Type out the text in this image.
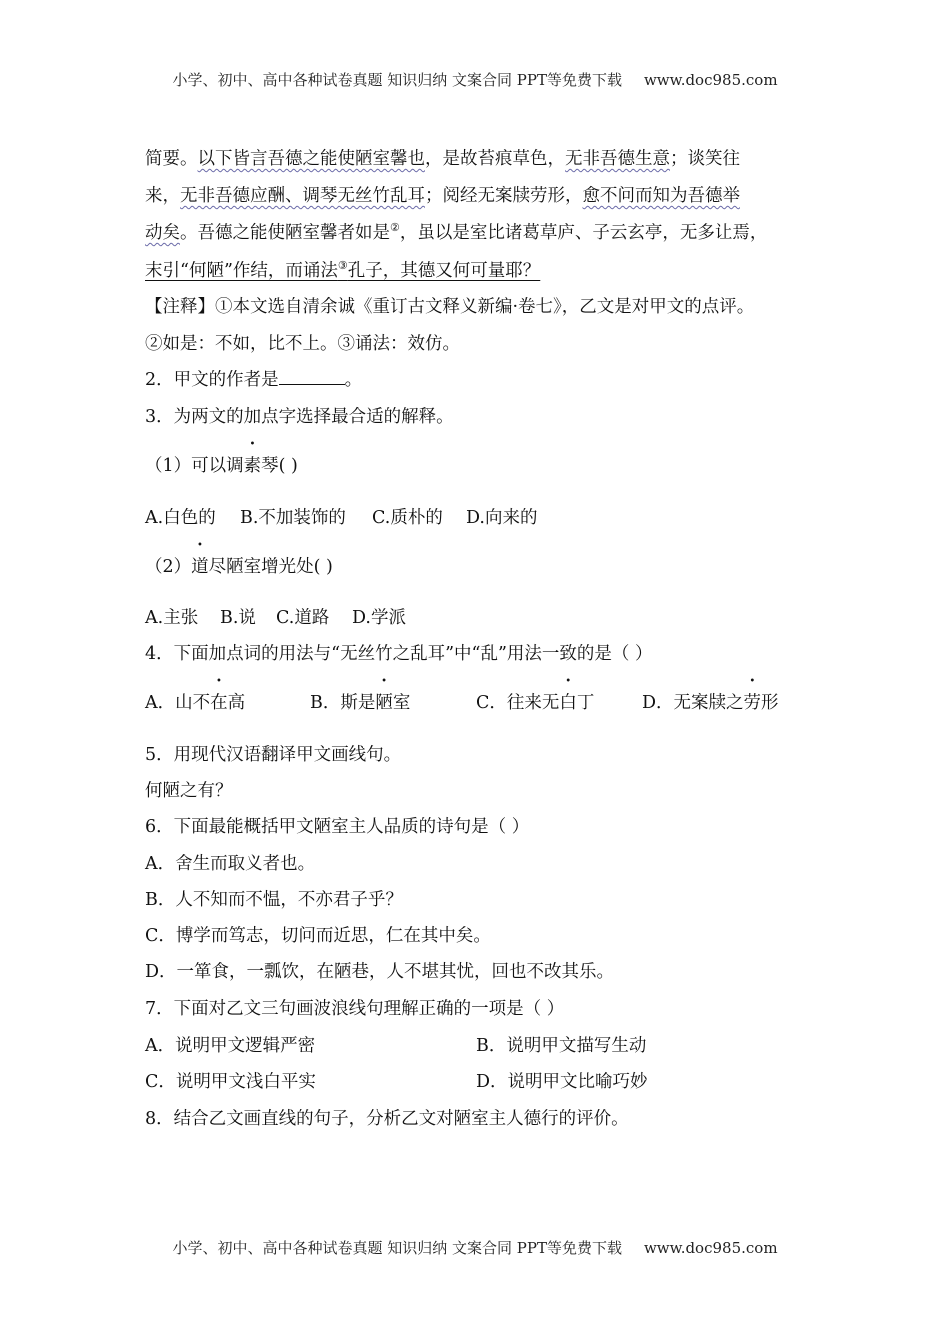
小学、初中、高中各种试卷真题 知识归纳 文案合同 PPT等免费下载 www.doc985.com
简要。以下皆言吾德之能使陋室馨也，是故苔痕草色，无非吾德生意；谈笑往
来，无非吾德应酬、调琴无丝竹乱耳；阅经无案牍劳形，愈不问而知为吾德举
动矣。吾德之能使陋室馨者如是②，虽以是室比诸葛草庐、子云玄亭，无多让焉，
末引“何陋”作结，而诵法③孔子，其德又何可量耶？
【注释】①本文选自清余诚《重订古文释义新编·卷七》，乙文是对甲文的点评。
②如是：不如，比不上。③诵法：效仿。
2．甲文的作者是	。
3．为两文的加点字选择最合适的解释。
（1）可以调素琴( )
A.白色的 B.不加装饰的 C.质朴的 D.向来的
（2）道尽陋室增光处( )
A.主张 B.说 C.道路 D.学派
4．下面加点词的用法与“无丝竹之乱耳”中“乱”用法一致的是（ ）
A．山不在高	B．斯是陋室	C．往来无白丁	D．无案牍之劳形
5．用现代汉语翻译甲文画线句。
何陋之有？
6．下面最能概括甲文陋室主人品质的诗句是（ ）
A．舍生而取义者也。
B．人不知而不愠，不亦君子乎？
C．博学而笃志，切问而近思，仁在其中矣。
D．一箪食，一瓢饮，在陋巷，人不堪其忧，回也不改其乐。
7．下面对乙文三句画波浪线句理解正确的一项是（ ）
A．说明甲文逻辑严密	B．说明甲文描写生动
C．说明甲文浅白平实	D．说明甲文比喻巧妙
8．结合乙文画直线的句子，分析乙文对陋室主人德行的评价。
小学、初中、高中各种试卷真题 知识归纳 文案合同 PPT等免费下载 www.doc985.com
